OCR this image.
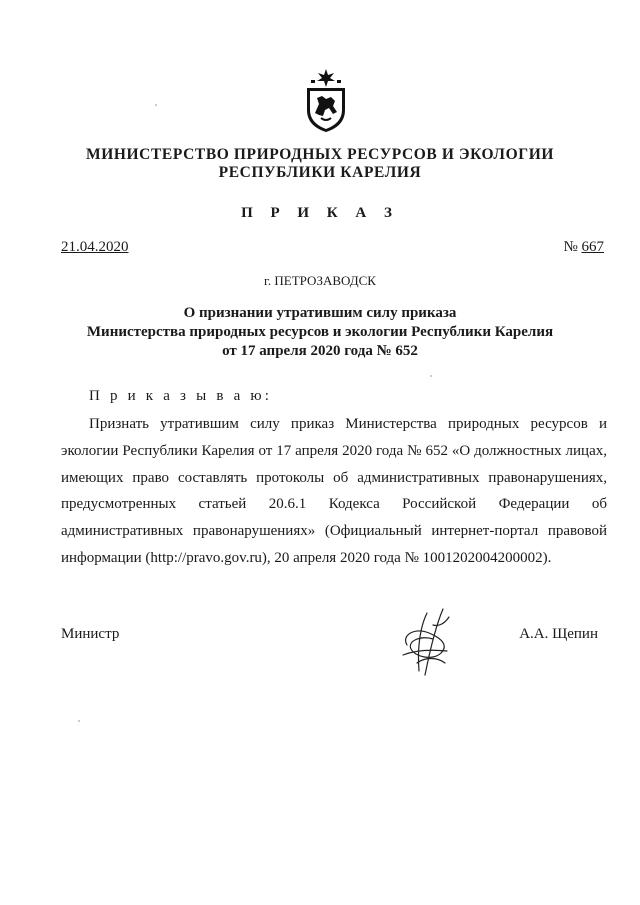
МИНИСТЕРСТВО ПРИРОДНЫХ РЕСУРСОВ И ЭКОЛОГИИ
РЕСПУБЛИКИ КАРЕЛИЯ
П Р И К А З
21.04.2020	№ 667
г. ПЕТРОЗАВОДСК
О признании утратившим силу приказа
Министерства природных ресурсов и экологии Республики Карелия
от 17 апреля 2020 года № 652
П р и к а з ы в а ю:
Признать утратившим силу приказ Министерства природных ресурсов и экологии Республики Карелия от 17 апреля 2020 года № 652 «О должностных лицах, имеющих право составлять протоколы об административных правонарушениях, предусмотренных статьей 20.6.1 Кодекса Российской Федерации об административных правонарушениях» (Официальный интернет-портал правовой информации (http://pravo.gov.ru), 20 апреля 2020 года № 1001202004200002).
Министр	А.А. Щепин
